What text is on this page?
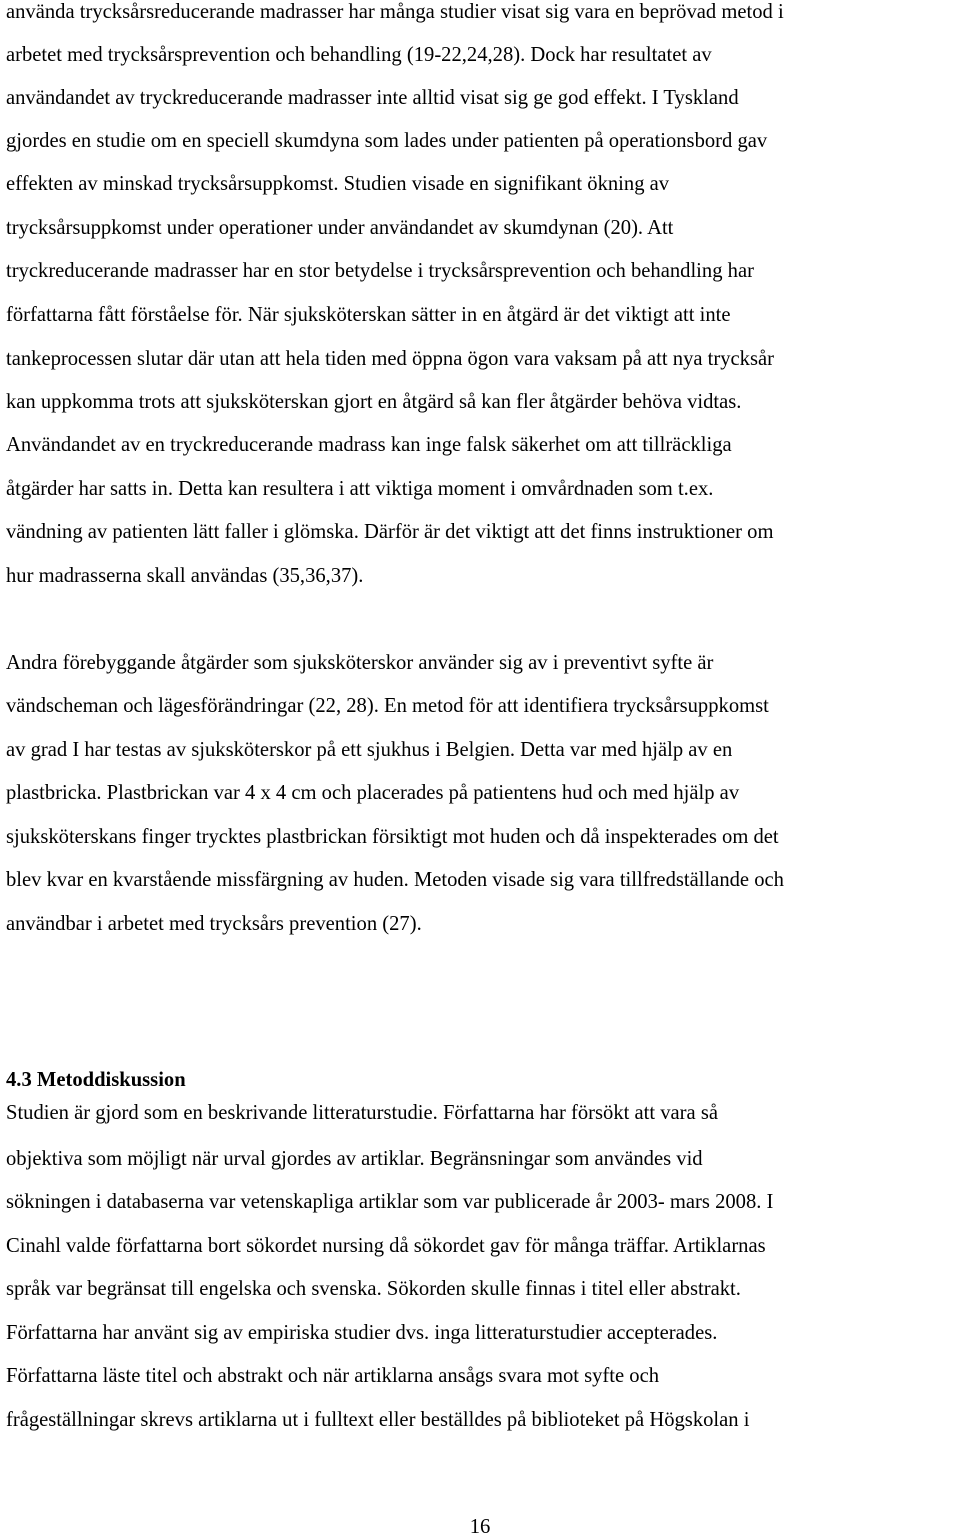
använda trycksårsreducerande madrasser har många studier visat sig vara en beprövad metod i
arbetet med trycksårsprevention och behandling (19-22,24,28). Dock har resultatet av
användandet av tryckreducerande madrasser inte alltid visat sig ge god effekt. I Tyskland
gjordes en studie om en speciell skumdyna som lades under patienten på operationsbord gav
effekten av minskad trycksårsuppkomst. Studien visade en signifikant ökning av
trycksårsuppkomst under operationer under användandet av skumdynan (20). Att
tryckreducerande madrasser har en stor betydelse i trycksårsprevention och behandling har
författarna fått förståelse för. När sjuksköterskan sätter in en åtgärd är det viktigt att inte
tankeprocessen slutar där utan att hela tiden med öppna ögon vara vaksam på att nya trycksår
kan uppkomma trots att sjuksköterskan gjort en åtgärd så kan fler åtgärder behöva vidtas.
Användandet av en tryckreducerande madrass kan inge falsk säkerhet om att tillräckliga
åtgärder har satts in. Detta kan resultera i att viktiga moment i omvårdnaden som t.ex.
vändning av patienten lätt faller i glömska. Därför är det viktigt att det finns instruktioner om
hur madrasserna skall användas (35,36,37).
Andra förebyggande åtgärder som sjuksköterskor använder sig av i preventivt syfte är
vändscheman och lägesförändringar (22, 28). En metod för att identifiera trycksårsuppkomst
av grad I har testas av sjuksköterskor på ett sjukhus i Belgien. Detta var med hjälp av en
plastbricka. Plastbrickan var 4 x 4 cm och placerades på patientens hud och med hjälp av
sjuksköterskans finger trycktes plastbrickan försiktigt mot huden och då inspekterades om det
blev kvar en kvarstående missfärgning av huden. Metoden visade sig vara tillfredställande och
användbar i arbetet med trycksårs prevention (27).
4.3 Metoddiskussion
Studien är gjord som en beskrivande litteraturstudie. Författarna har försökt att vara så
objektiva som möjligt när urval gjordes av artiklar. Begränsningar som användes vid
sökningen i databaserna var vetenskapliga artiklar som var publicerade år 2003- mars 2008. I
Cinahl valde författarna bort sökordet nursing då sökordet gav för många träffar. Artiklarnas
språk var begränsat till engelska och svenska. Sökorden skulle finnas i titel eller abstrakt.
Författarna har använt sig av empiriska studier dvs. inga litteraturstudier accepterades.
Författarna läste titel och abstrakt och när artiklarna ansågs svara mot syfte och
frågeställningar skrevs artiklarna ut i fulltext eller beställdes på biblioteket på Högskolan i
16
